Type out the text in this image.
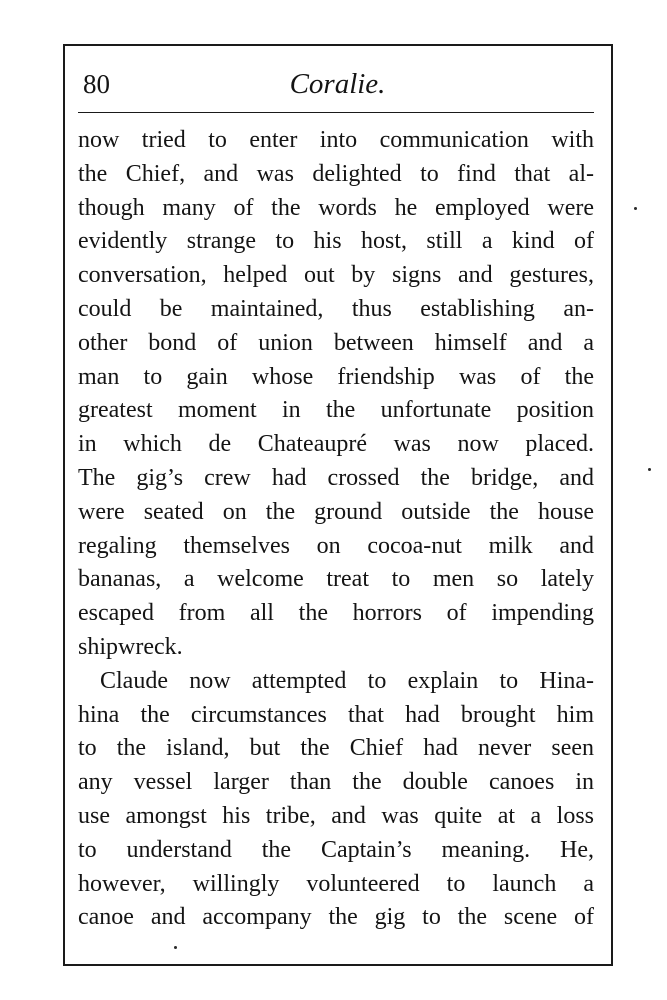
80	Coralie.
now tried to enter into communication with
the Chief, and was delighted to find that al-
though many of the words he employed were
evidently strange to his host, still a kind of
conversation, helped out by signs and gestures,
could be maintained, thus establishing an-
other bond of union between himself and a
man to gain whose friendship was of the
greatest moment in the unfortunate position
in which de Chateaupré was now placed.
The gig’s crew had crossed the bridge, and
were seated on the ground outside the house
regaling themselves on cocoa-nut milk and
bananas, a welcome treat to men so lately
escaped from all the horrors of impending
shipwreck.
Claude now attempted to explain to Hina-
hina the circumstances that had brought him
to the island, but the Chief had never seen
any vessel larger than the double canoes in
use amongst his tribe, and was quite at a loss
to understand the Captain’s meaning. He,
however, willingly volunteered to launch a
canoe and accompany the gig to the scene of
